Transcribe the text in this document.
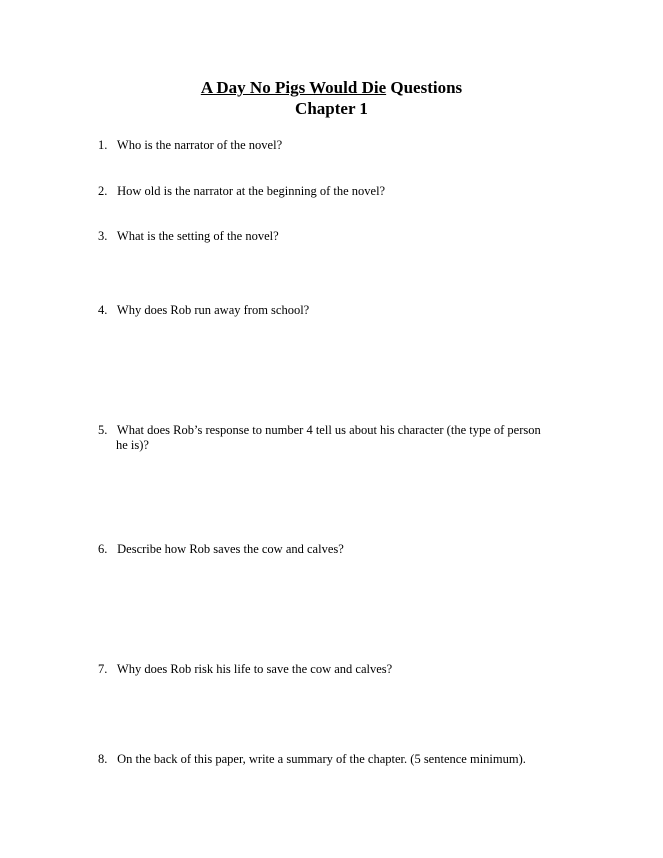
A Day No Pigs Would Die Questions
Chapter 1
1. Who is the narrator of the novel?
2. How old is the narrator at the beginning of the novel?
3. What is the setting of the novel?
4. Why does Rob run away from school?
5. What does Rob’s response to number 4 tell us about his character (the type of person
he is)?
6. Describe how Rob saves the cow and calves?
7. Why does Rob risk his life to save the cow and calves?
8. On the back of this paper, write a summary of the chapter. (5 sentence minimum).
